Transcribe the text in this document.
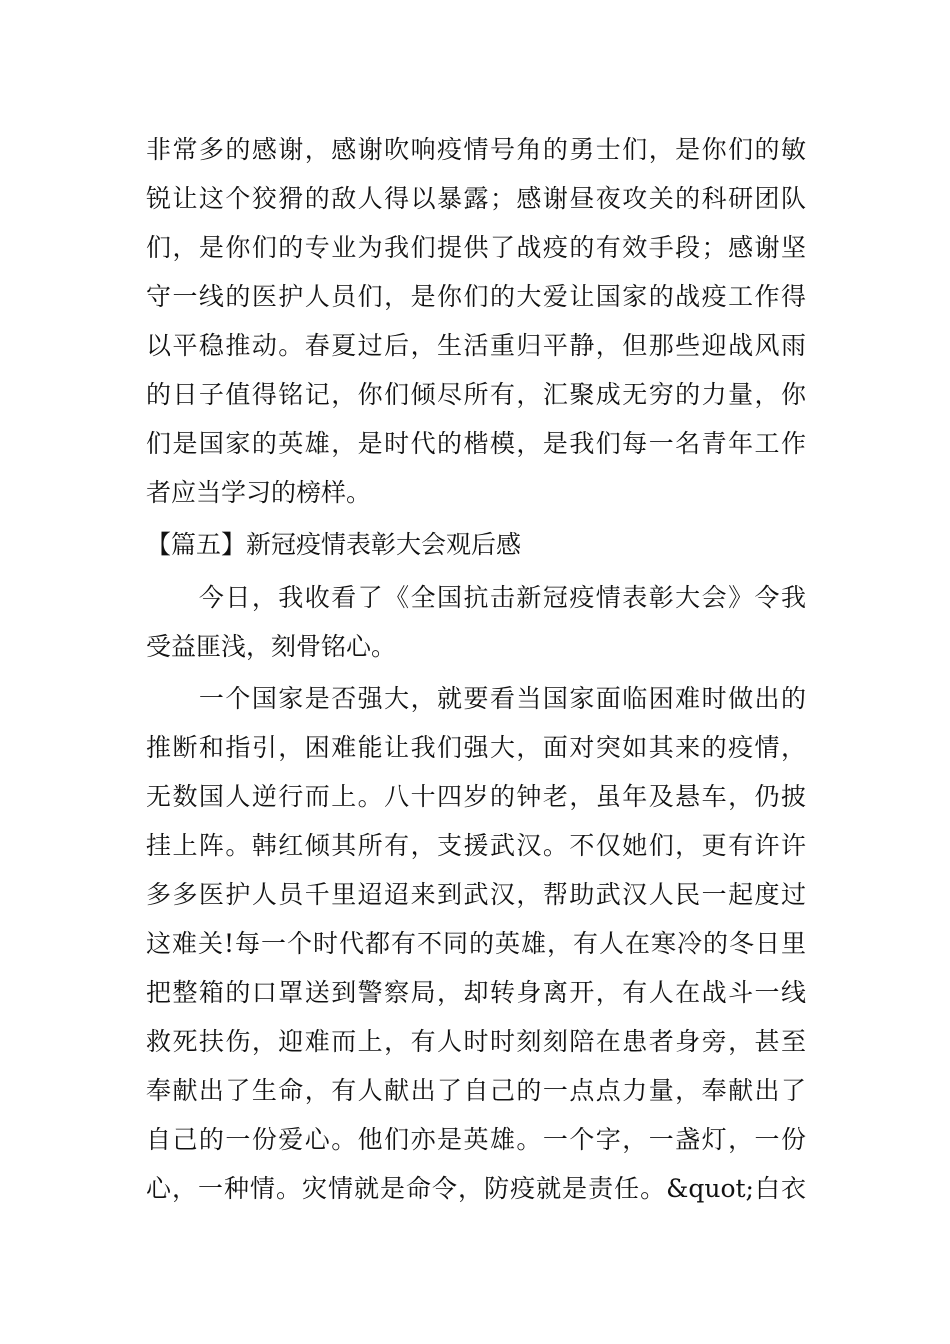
非常多的感谢，感谢吹响疫情号角的勇士们，是你们的敏
锐让这个狡猾的敌人得以暴露；感谢昼夜攻关的科研团队
们，是你们的专业为我们提供了战疫的有效手段；感谢坚
守一线的医护人员们，是你们的大爱让国家的战疫工作得
以平稳推动。春夏过后，生活重归平静，但那些迎战风雨
的日子值得铭记，你们倾尽所有，汇聚成无穷的力量，你
们是国家的英雄，是时代的楷模，是我们每一名青年工作
者应当学习的榜样。
【篇五】新冠疫情表彰大会观后感
　　今日，我收看了《全国抗击新冠疫情表彰大会》令我
受益匪浅，刻骨铭心。
　　一个国家是否强大，就要看当国家面临困难时做出的
推断和指引，困难能让我们强大，面对突如其来的疫情，
无数国人逆行而上。八十四岁的钟老，虽年及悬车，仍披
挂上阵。韩红倾其所有，支援武汉。不仅她们，更有许许
多多医护人员千里迢迢来到武汉，帮助武汉人民一起度过
这难关!每一个时代都有不同的英雄，有人在寒冷的冬日里
把整箱的口罩送到警察局，却转身离开，有人在战斗一线
救死扶伤，迎难而上，有人时时刻刻陪在患者身旁，甚至
奉献出了生命，有人献出了自己的一点点力量，奉献出了
自己的一份爱心。他们亦是英雄。一个字，一盏灯，一份
心，一种情。灾情就是命令，防疫就是责任。&quot;白衣
